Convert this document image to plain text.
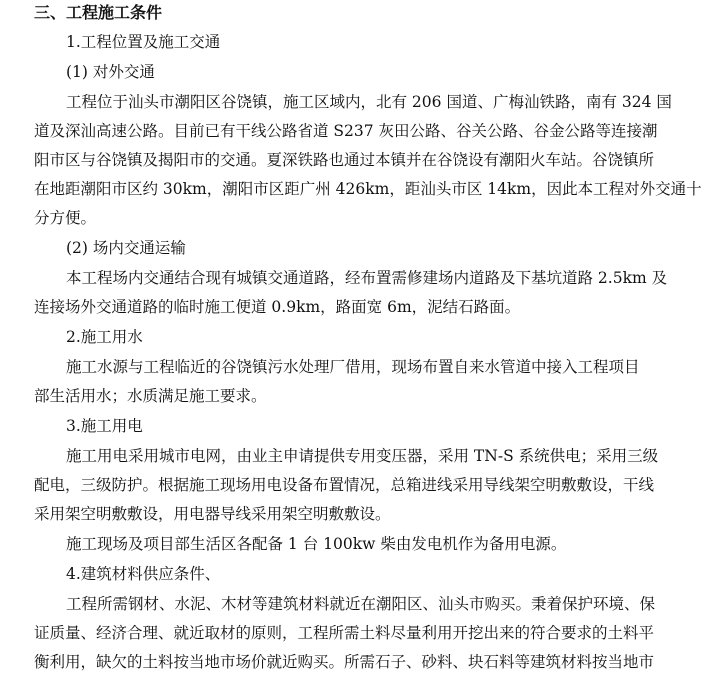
三、工程施工条件
1.工程位置及施工交通
(1) 对外交通
工程位于汕头市潮阳区谷饶镇，施工区域内，北有 206 国道、广梅汕铁路，南有 324 国
道及深汕高速公路。目前已有干线公路省道 S237 灰田公路、谷关公路、谷金公路等连接潮
阳市区与谷饶镇及揭阳市的交通。夏深铁路也通过本镇并在谷饶设有潮阳火车站。谷饶镇所
在地距潮阳市区约 30km，潮阳市区距广州 426km，距汕头市区 14km，因此本工程对外交通十
分方便。
(2) 场内交通运输
本工程场内交通结合现有城镇交通道路，经布置需修建场内道路及下基坑道路 2.5km 及
连接场外交通道路的临时施工便道 0.9km，路面宽 6m，泥结石路面。
2.施工用水
施工水源与工程临近的谷饶镇污水处理厂借用，现场布置自来水管道中接入工程项目
部生活用水；水质满足施工要求。
3.施工用电
施工用电采用城市电网，由业主申请提供专用变压器，采用 TN-S 系统供电；采用三级
配电，三级防护。根据施工现场用电设备布置情况，总箱进线采用导线架空明敷敷设，干线
采用架空明敷敷设，用电器导线采用架空明敷敷设。
施工现场及项目部生活区各配备 1 台 100kw 柴由发电机作为备用电源。
4.建筑材料供应条件、
工程所需钢材、水泥、木材等建筑材料就近在潮阳区、汕头市购买。秉着保护环境、保
证质量、经济合理、就近取材的原则，工程所需土料尽量利用开挖出来的符合要求的土料平
衡利用，缺欠的土料按当地市场价就近购买。所需石子、砂料、块石料等建筑材料按当地市
